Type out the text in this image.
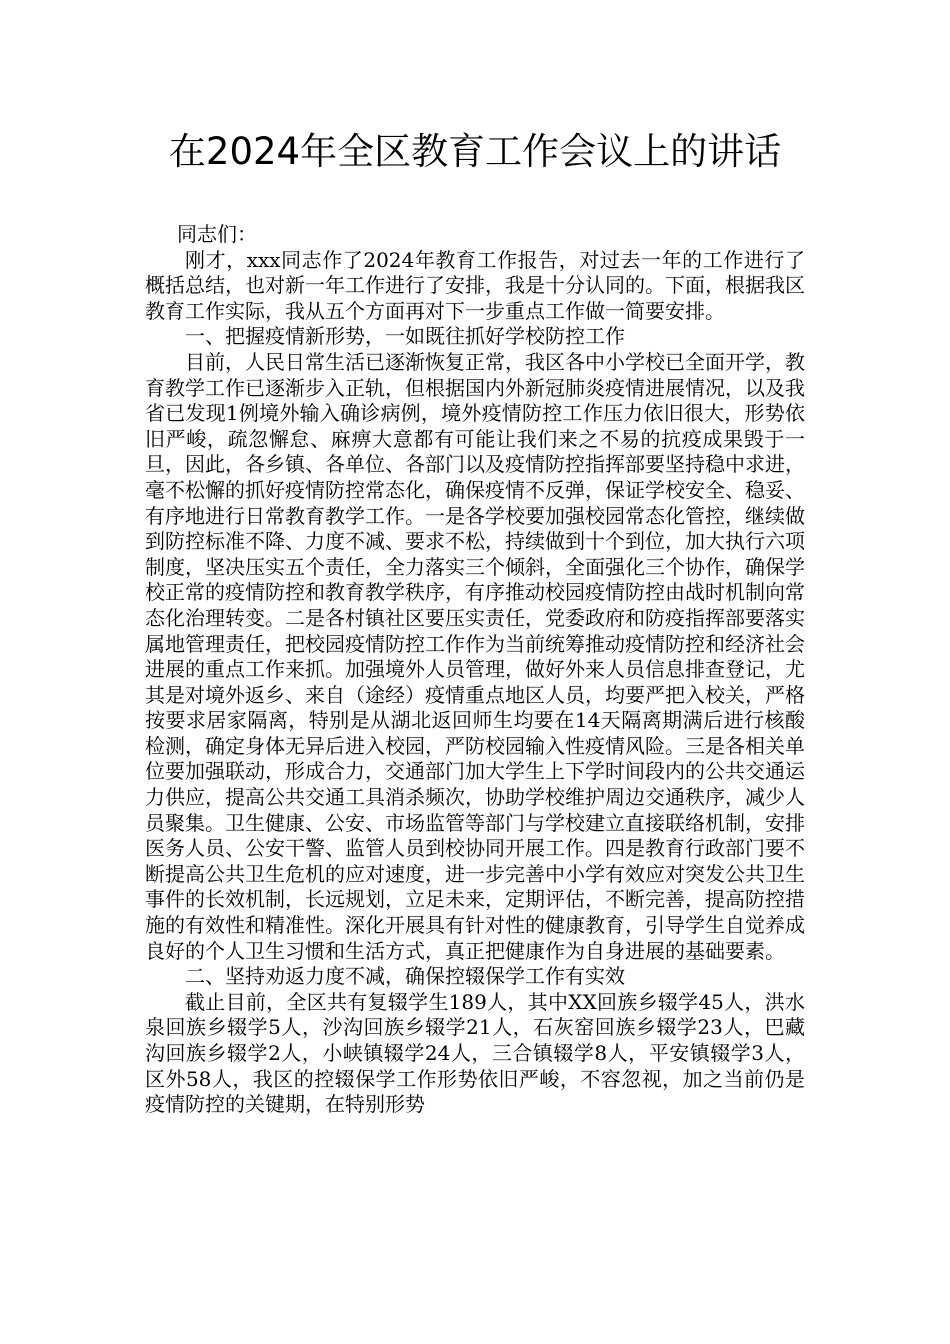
在2024年全区教育工作会议上的讲话

同志们：

刚才，xxx同志作了2024年教育工作报告，对过去一年的工作进行了概括总结，也对新一年工作进行了安排，我是十分认同的。下面，根据我区教育工作实际，我从五个方面再对下一步重点工作做一简要安排。

一、把握疫情新形势，一如既往抓好学校防控工作

目前，人民日常生活已逐渐恢复正常，我区各中小学校已全面开学，教育教学工作已逐渐步入正轨，但根据国内外新冠肺炎疫情进展情况，以及我省已发现1例境外输入确诊病例，境外疫情防控工作压力依旧很大，形势依旧严峻，疏忽懈怠、麻痹大意都有可能让我们来之不易的抗疫成果毁于一旦，因此，各乡镇、各单位、各部门以及疫情防控指挥部要坚持稳中求进，毫不松懈的抓好疫情防控常态化，确保疫情不反弹，保证学校安全、稳妥、有序地进行日常教育教学工作。一是各学校要加强校园常态化管控，继续做到防控标准不降、力度不减、要求不松，持续做到十个到位，加大执行六项制度，坚决压实五个责任，全力落实三个倾斜，全面强化三个协作，确保学校正常的疫情防控和教育教学秩序，有序推动校园疫情防控由战时机制向常态化治理转变。二是各村镇社区要压实责任，党委政府和防疫指挥部要落实属地管理责任，把校园疫情防控工作作为当前统筹推动疫情防控和经济社会进展的重点工作来抓。加强境外人员管理，做好外来人员信息排查登记，尤其是对境外返乡、来自（途经）疫情重点地区人员，均要严把入校关，严格按要求居家隔离，特别是从湖北返回师生均要在14天隔离期满后进行核酸检测，确定身体无异后进入校园，严防校园输入性疫情风险。三是各相关单位要加强联动，形成合力，交通部门加大学生上下学时间段内的公共交通运力供应，提高公共交通工具消杀频次，协助学校维护周边交通秩序，减少人员聚集。卫生健康、公安、市场监管等部门与学校建立直接联络机制，安排医务人员、公安干警、监管人员到校协同开展工作。四是教育行政部门要不断提高公共卫生危机的应对速度，进一步完善中小学有效应对突发公共卫生事件的长效机制，长远规划，立足未来，定期评估，不断完善，提高防控措施的有效性和精准性。深化开展具有针对性的健康教育，引导学生自觉养成良好的个人卫生习惯和生活方式，真正把健康作为自身进展的基础要素。

二、坚持劝返力度不减，确保控辍保学工作有实效

截止目前，全区共有复辍学生189人，其中XX回族乡辍学45人，洪水泉回族乡辍学5人，沙沟回族乡辍学21人，石灰窑回族乡辍学23人，巴藏沟回族乡辍学2人，小峡镇辍学24人，三合镇辍学8人，平安镇辍学3人，区外58人，我区的控辍保学工作形势依旧严峻，不容忽视，加之当前仍是疫情防控的关键期，在特别形势
